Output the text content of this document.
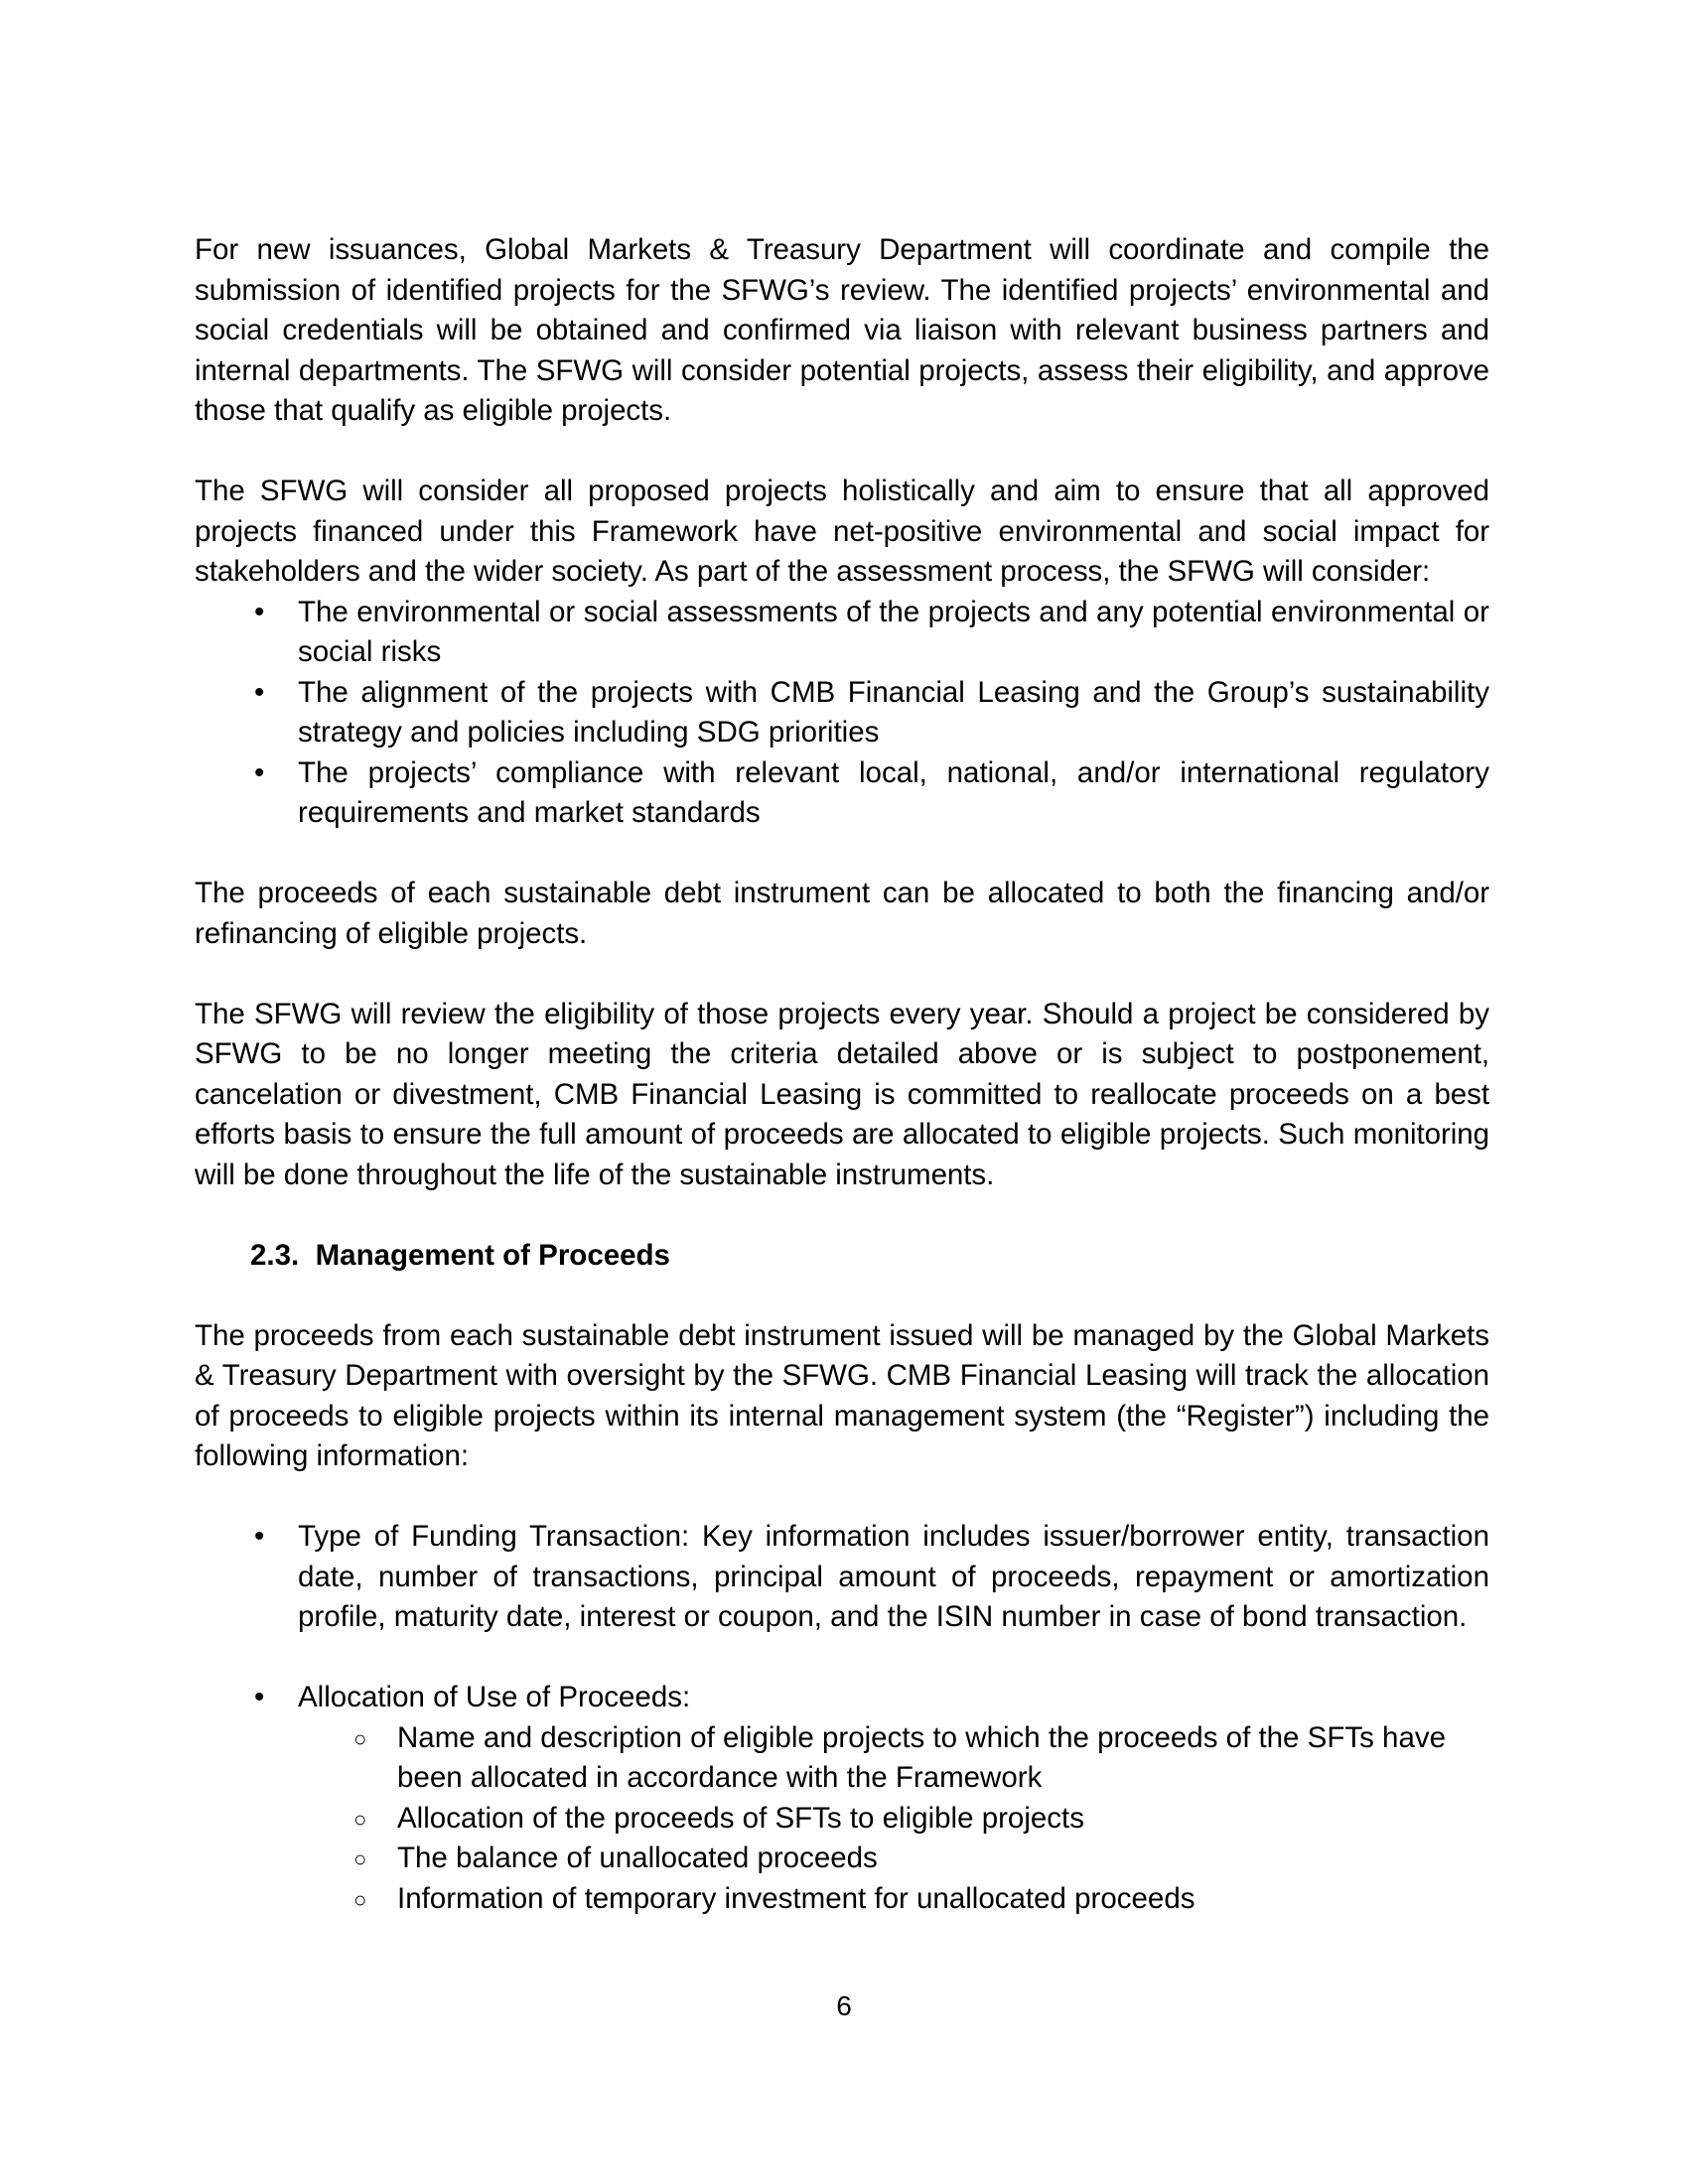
For new issuances, Global Markets & Treasury Department will coordinate and compile the submission of identified projects for the SFWG’s review. The identified projects’ environmental and social credentials will be obtained and confirmed via liaison with relevant business partners and internal departments. The SFWG will consider potential projects, assess their eligibility, and approve those that qualify as eligible projects.

The SFWG will consider all proposed projects holistically and aim to ensure that all approved projects financed under this Framework have net-positive environmental and social impact for stakeholders and the wider society. As part of the assessment process, the SFWG will consider:

•	The environmental or social assessments of the projects and any potential environmental or social risks
•	The alignment of the projects with CMB Financial Leasing and the Group’s sustainability strategy and policies including SDG priorities
•	The projects’ compliance with relevant local, national, and/or international regulatory requirements and market standards

The proceeds of each sustainable debt instrument can be allocated to both the financing and/or refinancing of eligible projects.

The SFWG will review the eligibility of those projects every year. Should a project be considered by SFWG to be no longer meeting the criteria detailed above or is subject to postponement, cancelation or divestment, CMB Financial Leasing is committed to reallocate proceeds on a best efforts basis to ensure the full amount of proceeds are allocated to eligible projects. Such monitoring will be done throughout the life of the sustainable instruments.

2.3.  Management of Proceeds

The proceeds from each sustainable debt instrument issued will be managed by the Global Markets & Treasury Department with oversight by the SFWG. CMB Financial Leasing will track the allocation of proceeds to eligible projects within its internal management system (the “Register”) including the following information:

•	Type of Funding Transaction: Key information includes issuer/borrower entity, transaction date, number of transactions, principal amount of proceeds, repayment or amortization profile, maturity date, interest or coupon, and the ISIN number in case of bond transaction.
•	Allocation of Use of Proceeds:
○ Name and description of eligible projects to which the proceeds of the SFTs have been allocated in accordance with the Framework
○ Allocation of the proceeds of SFTs to eligible projects
○ The balance of unallocated proceeds
○ Information of temporary investment for unallocated proceeds
6
